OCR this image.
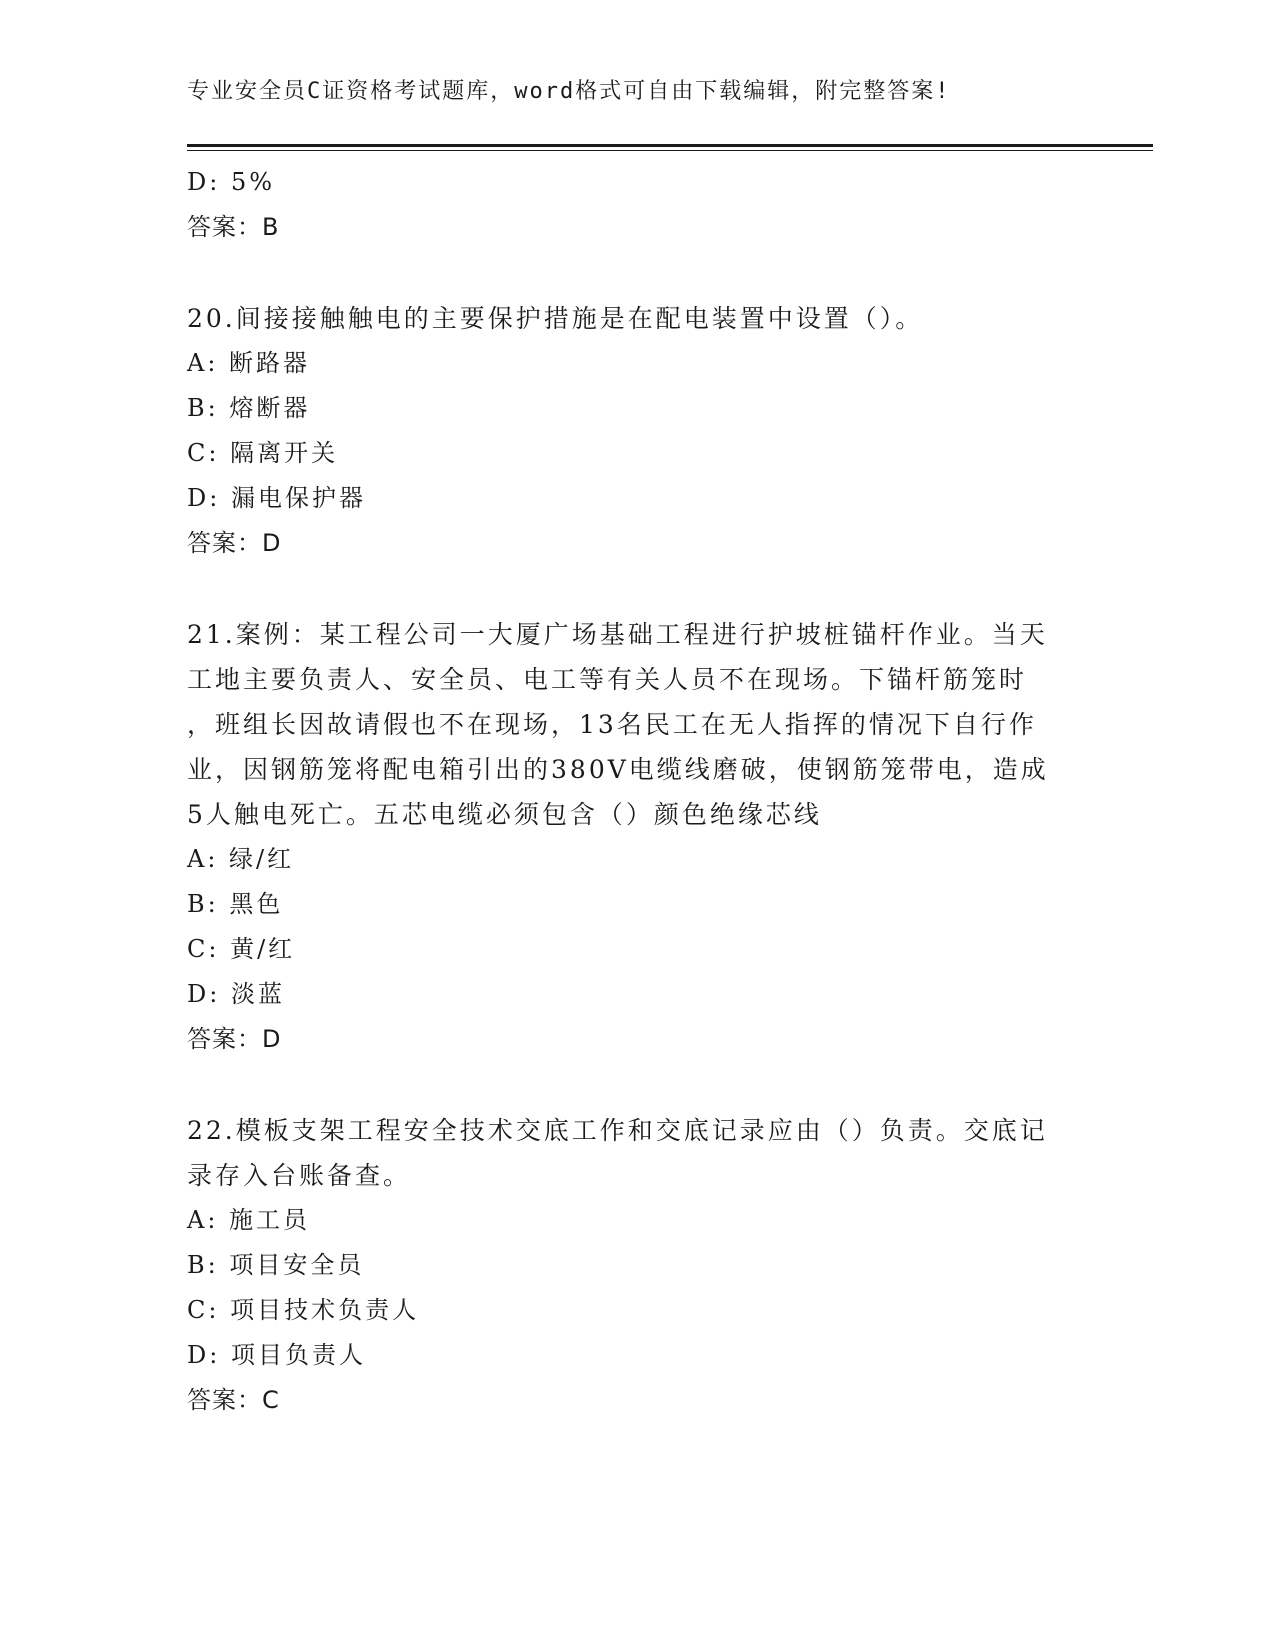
专业安全员C证资格考试题库，word格式可自由下载编辑，附完整答案!
D: 5%
答案：B
20.间接接触触电的主要保护措施是在配电装置中设置（）。
A: 断路器
B: 熔断器
C: 隔离开关
D: 漏电保护器
答案：D
21.案例：某工程公司一大厦广场基础工程进行护坡桩锚杆作业。当天
工地主要负责人、安全员、电工等有关人员不在现场。下锚杆筋笼时
，班组长因故请假也不在现场，13名民工在无人指挥的情况下自行作
业，因钢筋笼将配电箱引出的380V电缆线磨破，使钢筋笼带电，造成
5人触电死亡。五芯电缆必须包含（）颜色绝缘芯线
A: 绿/红
B: 黑色
C: 黄/红
D: 淡蓝
答案：D
22.模板支架工程安全技术交底工作和交底记录应由（）负责。交底记
录存入台账备查。
A: 施工员
B: 项目安全员
C: 项目技术负责人
D: 项目负责人
答案：C
